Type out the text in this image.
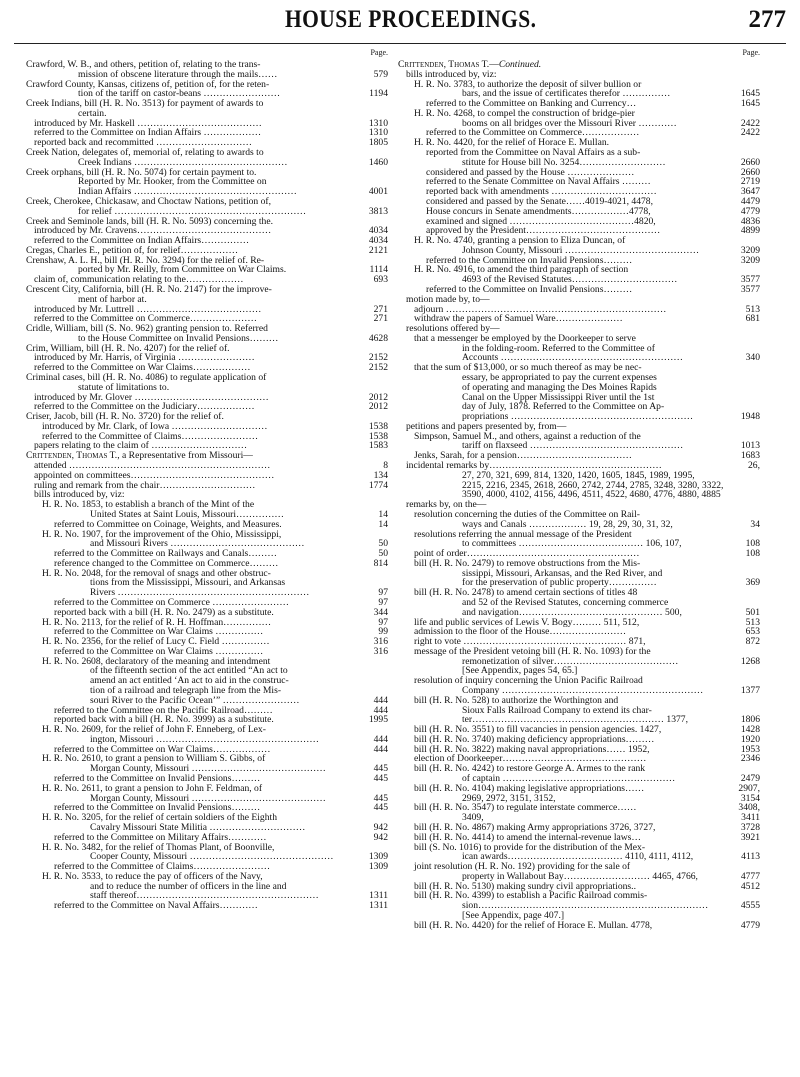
HOUSE PROCEEDINGS.	277
Page.
Crawford, W. B., and others, petition of, relating to the trans-
mission of obscene literature through the mails……	579
Crawford County, Kansas, citizens of, petition of, for the reten-
tion of the tariff on castor-beans ……………………	1194
Creek Indians, bill (H. R. No. 3513) for payment of awards to
certain.
introduced by Mr. Haskell …………………………………	1310
referred to the Committee on Indian Affairs ………………	1310
reported back and recommitted …………………………	1805
Creek Nation, delegates of, memorial of, relating to awards to
Creek Indians …………………………………………	1460
Creek orphans, bill (H. R. No. 5074) for certain payment to.
Reported by Mr. Hooker, from the Committee on
Indian Affairs ……………………………………………	4001
Creek, Cherokee, Chickasaw, and Choctaw Nations, petition of,
for relief ……………………………………………………	3813
Creek and Seminole lands, bill (H. R. No. 5093) concerning the.
introduced by Mr. Cravens……………………………………	4034
referred to the Committee on Indian Affairs……………	4034
Cregas, Charles E., petition of, for relief………………	2121
Crenshaw, A. L. H., bill (H. R. No. 3294) for the relief of. Re-
ported by Mr. Reilly, from Committee on War Claims.	1114
claim of, communication relating to the………………	693
Crescent City, California, bill (H. R. No. 2147) for the improve-
ment of harbor at.
introduced by Mr. Luttrell …………………………………	271
referred to the Committee on Commerce…………………	271
Cridle, William, bill (S. No. 962) granting pension to. Referred
to the House Committee on Invalid Pensions………	4628
Crim, William, bill (H. R. No. 4207) for the relief of.
introduced by Mr. Harris, of Virginia ……………………	2152
referred to the Committee on War Claims………………	2152
Criminal cases, bill (H. R. No. 4086) to regulate application of
statute of limitations to.
introduced by Mr. Glover ……………………………………	2012
referred to the Committee on the Judiciary………………	2012
Criser, Jacob, bill (H. R. No. 3720) for the relief of.
introduced by Mr. Clark, of Iowa …………………………	1538
referred to the Committee of Claims……………………	1538
papers relating to the claim of …………………………	1583
Crittenden, Thomas T., a Representative from Missouri—
attended ………………………………………………………	8
appointed on committees………………………………………	134
ruling and remark from the chair…………………………	1774
bills introduced by, viz:
H. R. No. 1853, to establish a branch of the Mint of the
United States at Saint Louis, Missouri……………	14
referred to Committee on Coinage, Weights, and Measures.	14
H. R. No. 1907, for the improvement of the Ohio, Mississippi,
and Missouri Rivers ……………………………………	50
referred to the Committee on Railways and Canals………	50
reference changed to the Committee on Commerce………	814
H. R. No. 2048, for the removal of snags and other obstruc-
tions from the Mississippi, Missouri, and Arkansas
Rivers ……………………………………………………	97
referred to the Committee on Commerce ……………………	97
reported back with a bill (H. R. No. 2479) as a substitute.	344
H. R. No. 2113, for the relief of R. H. Hoffman……………	97
referred to the Committee on War Claims ……………	99
H. R. No. 2356, for the relief of Lucy C. Field ……………	316
referred to the Committee on War Claims ……………	316
H. R. No. 2608, declaratory of the meaning and intendment
of the fifteenth section of the act entitled “An act to
amend an act entitled ‘An act to aid in the construc-
tion of a railroad and telegraph line from the Mis-
souri River to the Pacific Ocean’” ……………………	444
referred to the Committee on the Pacific Railroad………	444
reported back with a bill (H. R. No. 3999) as a substitute.	1995
H. R. No. 2609, for the relief of John F. Enneberg, of Lex-
ington, Missouri ……………………………………………	444
referred to the Committee on War Claims………………	444
H. R. No. 2610, to grant a pension to William S. Gibbs, of
Morgan County, Missouri ……………………………………	445
referred to the Committee on Invalid Pensions………	445
H. R. No. 2611, to grant a pension to John F. Feldman, of
Morgan County, Missouri ……………………………………	445
referred to the Committee on Invalid Pensions………	445
H. R. No. 3205, for the relief of certain soldiers of the Eighth
Cavalry Missouri State Militia …………………………	942
referred to the Committee on Military Affairs…………	942
H. R. No. 3482, for the relief of Thomas Plant, of Boonville,
Cooper County, Missouri ………………………………………	1309
referred to the Committee of Claims……………………	1309
H. R. No. 3533, to reduce the pay of officers of the Navy,
and to reduce the number of officers in the line and
staff thereof…………………………………………………	1311
referred to the Committee on Naval Affairs…………	1311
Page.
Crittenden, Thomas T.—Continued.
bills introduced by, viz:
H. R. No. 3783, to authorize the deposit of silver bullion or
bars, and the issue of certificates therefor ……………	1645
referred to the Committee on Banking and Currency…	1645
H. R. No. 4268, to compel the construction of bridge-pier
booms on all bridges over the Missouri River …………	2422
referred to the Committee on Commerce………………	2422
H. R. No. 4420, for the relief of Horace E. Mullan.
reported from the Committee on Naval Affairs as a sub-
stitute for House bill No. 3254………………………	2660
considered and passed by the House …………………	2660
referred to the Senate Committee on Naval Affairs ………	2719
reported back with amendments ……………………………	3647
considered and passed by the Senate……4019-4021, 4478,	4479
House concurs in Senate amendments………………4778,	4779
examined and signed …………………………………4820,	4836
approved by the President……………………………………	4899
H. R. No. 4740, granting a pension to Eliza Duncan, of
Johnson County, Missouri ……………………………………	3209
referred to the Committee on Invalid Pensions………	3209
H. R. No. 4916, to amend the third paragraph of section
4693 of the Revised Statutes……………………………	3577
referred to the Committee on Invalid Pensions………	3577
motion made by, to—
adjourn ……………………………………………………………	513
withdraw the papers of Samuel Ware…………………	681
resolutions offered by—
that a messenger be employed by the Doorkeeper to serve
in the folding-room. Referred to the Committee of
Accounts …………………………………………………	340
that the sum of $13,000, or so much thereof as may be nec-
essary, be appropriated to pay the current expenses
of operating and managing the Des Moines Rapids
Canal on the Upper Mississippi River until the 1st
day of July, 1878. Referred to the Committee on Ap-
propriations …………………………………………………	1948
petitions and papers presented by, from—
Simpson, Samuel M., and others, against a reduction of the
tariff on flaxseed …………………………………………	1013
Jenks, Sarah, for a pension………………………………	1683
incidental remarks by………………………………………………	26,
27, 270, 321, 699, 814, 1320, 1420, 1605, 1845, 1989, 1995,
2215, 2216, 2345, 2618, 2660, 2742, 2744, 2785, 3248, 3280, 3322,
3590, 4000, 4102, 4156, 4496, 4511, 4522, 4680, 4776, 4880, 4885
remarks by, on the—
resolution concerning the duties of the Committee on Rail-
ways and Canals ……………… 19, 28, 29, 30, 31, 32,	34
resolutions referring the annual message of the President
to committees ………………………………… 106, 107,	108
point of order………………………………………………	108
bill (H. R. No. 2479) to remove obstructions from the Mis-
sissippi, Missouri, Arkansas, and the Red River, and
for the preservation of public property……………	369
bill (H. R. No. 2478) to amend certain sections of titles 48
and 52 of the Revised Statutes, concerning commerce
and navigation……………………………………… 500,	501
life and public services of Lewis V. Bogy……… 511, 512,	513
admission to the floor of the House……………………	653
right to vote …………………………………………… 871,	872
message of the President vetoing bill (H. R. No. 1093) for the
remonetization of silver…………………………………	1268
[See Appendix, pages 54, 65.]
resolution of inquiry concerning the Union Pacific Railroad
Company ………………………………………………………	1377
bill (H. R. No. 528) to authorize the Worthington and
Sioux Falls Railroad Company to extend its char-
ter…………………………………………………… 1377,	1806
bill (H. R. No. 3551) to fill vacancies in pension agencies. 1427,	1428
bill (H. R. No. 3740) making deficiency appropriations………	1920
bill (H. R. No. 3822) making naval appropriations…… 1952,	1953
election of Doorkeeper………………………………………	2346
bill (H. R. No. 4242) to restore George A. Armes to the rank
of captain ………………………………………………	2479
bill (H. R. No. 4104) making legislative appropriations……	2907,
2969, 2972, 3151, 3152,	3154
bill (H. R. No. 3547) to regulate interstate commerce……	3408,
3409,	3411
bill (H. R. No. 4867) making Army appropriations 3726, 3727,	3728
bill (H. R. No. 4414) to amend the internal-revenue laws…	3921
bill (S. No. 1016) to provide for the distribution of the Mex-
ican awards……………………………… 4110, 4111, 4112,	4113
joint resolution (H. R. No. 192) providing for the sale of
property in Wallabout Bay……………………… 4465, 4766,	4777
bill (H. R. No. 5130) making sundry civil appropriations..	4512
bill (H. R. No. 4399) to establish a Pacific Railroad commis-
sion………………………………………………………………	4555
[See Appendix, page 407.]
bill (H. R. No. 4420) for the relief of Horace E. Mullan. 4778,	4779
